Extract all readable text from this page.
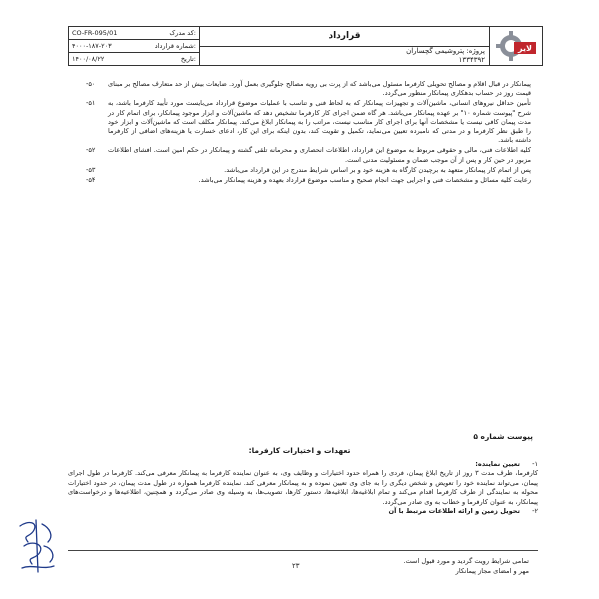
CO-FR-095/01	کد مدرک:
۴۰۰۰-۱۸۷-۲۰۳	شماره قرارداد:
۱۴۰۰/۰۸/۲۲	تاریخ:
قرارداد
پروژه: پتروشیمی گچساران
۱۳۳۴۳۹۲
لایر
-۵۰	پیمانکار در قبال اقلام و مصالح تحویلی کارفرما مسئول می‌باشد که از پرت بی رویه مصالح جلوگیری بعمل آورد. ضایعات بیش از حد متعارف مصالح بر مبنای قیمت روز در حساب بدهکاری پیمانکار منظور می‌گردد.
-۵۱	تأمین حداقل نیروهای انسانی، ماشین‌آلات و تجهیزات پیمانکار که به لحاظ فنی و تناسب با عملیات موضوع قرارداد می‌بایست مورد تأیید کارفرما باشد، به شرح "پیوست شماره ۱۰" بر عهده پیمانکار می‌باشد. هر گاه ضمن اجرای کار کارفرما تشخیص دهد که ماشین‌آلات و ابزار موجود پیمانکار، برای اتمام کار در مدت پیمان کافی نیست یا مشخصات آنها برای اجرای کار مناسب نیست، مراتب را به پیمانکار ابلاغ می‌کند. پیمانکار مکلف است که ماشین‌آلات و ابزار خود را طبق نظر کارفرما و در مدتی که نامبرده تعیین می‌نماید، تکمیل و تقویت کند، بدون اینکه برای این کار، ادعای خسارت یا هزینه‌های اضافی از کارفرما داشته باشد.
-۵۲	کلیه اطلاعات فنی، مالی و حقوقی مربوط به موضوع این قرارداد، اطلاعات انحصاری و محرمانه تلقی گشته و پیمانکار در حکم امین است. افشای اطلاعات مزبور در حین کار و پس از آن موجب ضمان و مسئولیت مدنی است.
-۵۳	پس از اتمام کار پیمانکار متعهد به برچیدن کارگاه به هزینه خود و بر اساس شرایط مندرج در این قرارداد می‌باشد.
-۵۴	رعایت کلیه مسائل و مشخصات فنی و اجرایی جهت انجام صحیح و مناسب موضوع قرارداد بعهده و هزینه پیمانکار می‌باشد.
پیوست شماره ۵
تعهدات و اختیارات کارفرما:
-۱
تعیین نماینده:
کارفرما، ظرف مدت ۳ روز از تاریخ ابلاغ پیمان، فردی را همراه حدود اختیارات و وظایف وی، به عنوان نماینده کارفرما به پیمانکار معرفی می‌کند. کارفرما در طول اجرای پیمان، می‌تواند نماینده خود را تعویض و شخص دیگری را به جای وی تعیین نموده و به پیمانکار معرفی کند. نماینده کارفرما همواره در طول مدت پیمان، در حدود اختیارات محوله به نمایندگی از طرف کارفرما اقدام می‌کند و تمام ابلاغیه‌ها، ابلاغیه‌ها، دستور کارها، تصویب‌ها، به وسیله وی صادر می‌گردد و همچنین، اطلاعیه‌ها و درخواست‌های پیمانکار، به عنوان کارفرما و خطاب به وی صادر می‌گردد.
-۲
تحویل زمین و ارائه اطلاعات مرتبط با آن
۲۳
تمامی شرایط رویت گردید و مورد قبول است.
مهر و امضای مجاز پیمانکار
